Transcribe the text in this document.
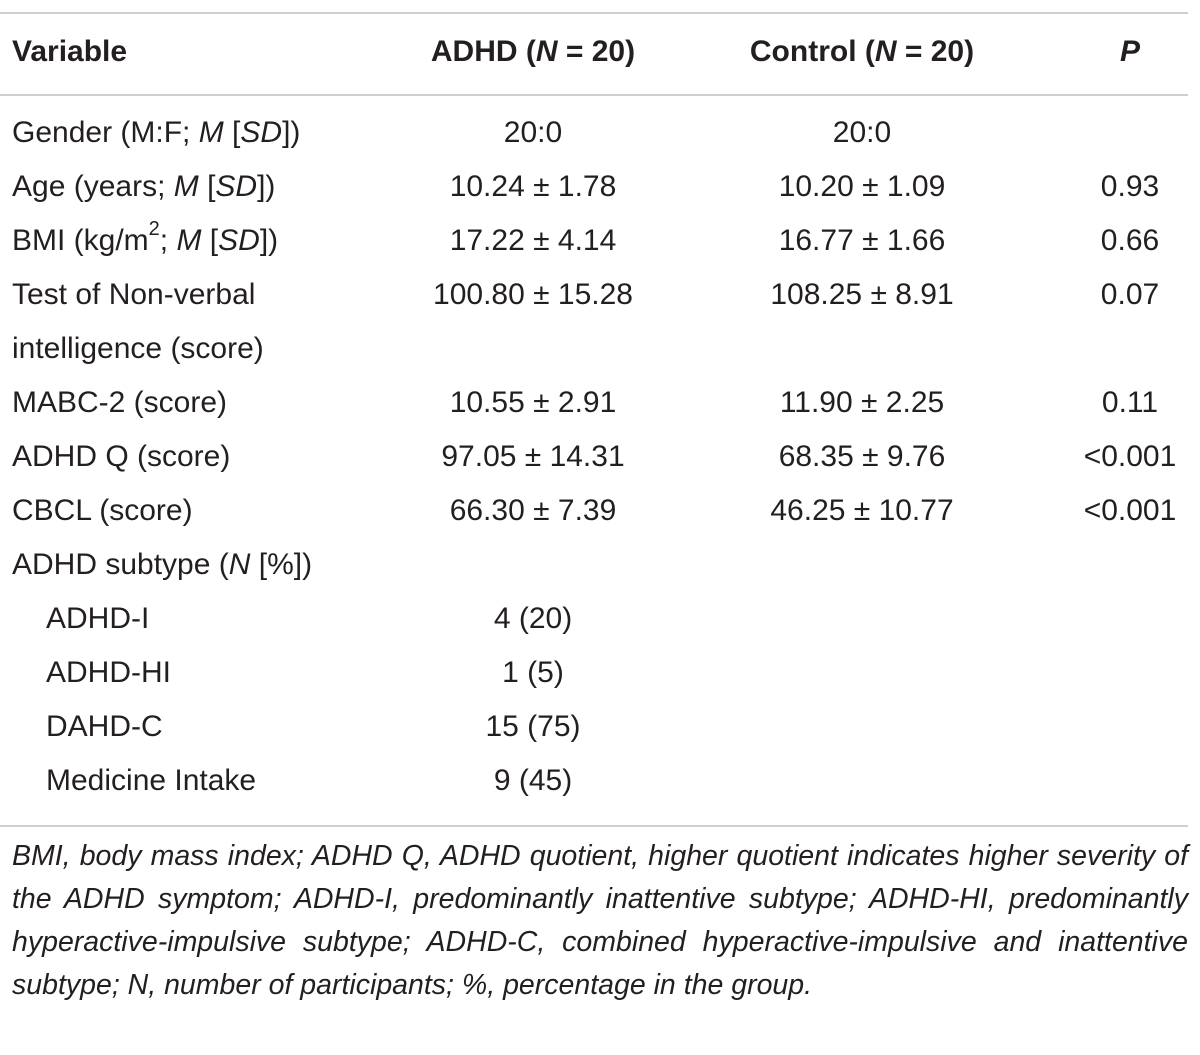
Variable	ADHD (N = 20)	Control (N = 20)	P
Gender (M:F; M [SD])	20:0	20:0
Age (years; M [SD])	10.24 ± 1.78	10.20 ± 1.09	0.93
BMI ($kg/m^2$; M [SD])	17.22 ± 4.14	16.77 ± 1.66	0.66
Test of Non-verbal
intelligence (score)
100.80 ± 15.28	108.25 ± 8.91	0.07
MABC-2 (score)	10.55 ± 2.91	11.90 ± 2.25	0.11
ADHD Q (score)	97.05 ± 14.31	68.35 ± 9.76	<0.001
CBCL (score)	66.30 ± 7.39	46.25 ± 10.77	<0.001
ADHD subtype (N [%])
ADHD-I	4 (20)
ADHD-HI	1 (5)
DAHD-C	15 (75)
Medicine Intake	9 (45)
BMI, body mass index; ADHD Q, ADHD quotient, higher quotient indicates higher severity of the ADHD symptom; ADHD-I, predominantly inattentive subtype; ADHD-HI, predominantly hyperactive-impulsive subtype; ADHD-C, combined hyperactive-impulsive and inattentive subtype; N, number of participants; %, percentage in the group.
